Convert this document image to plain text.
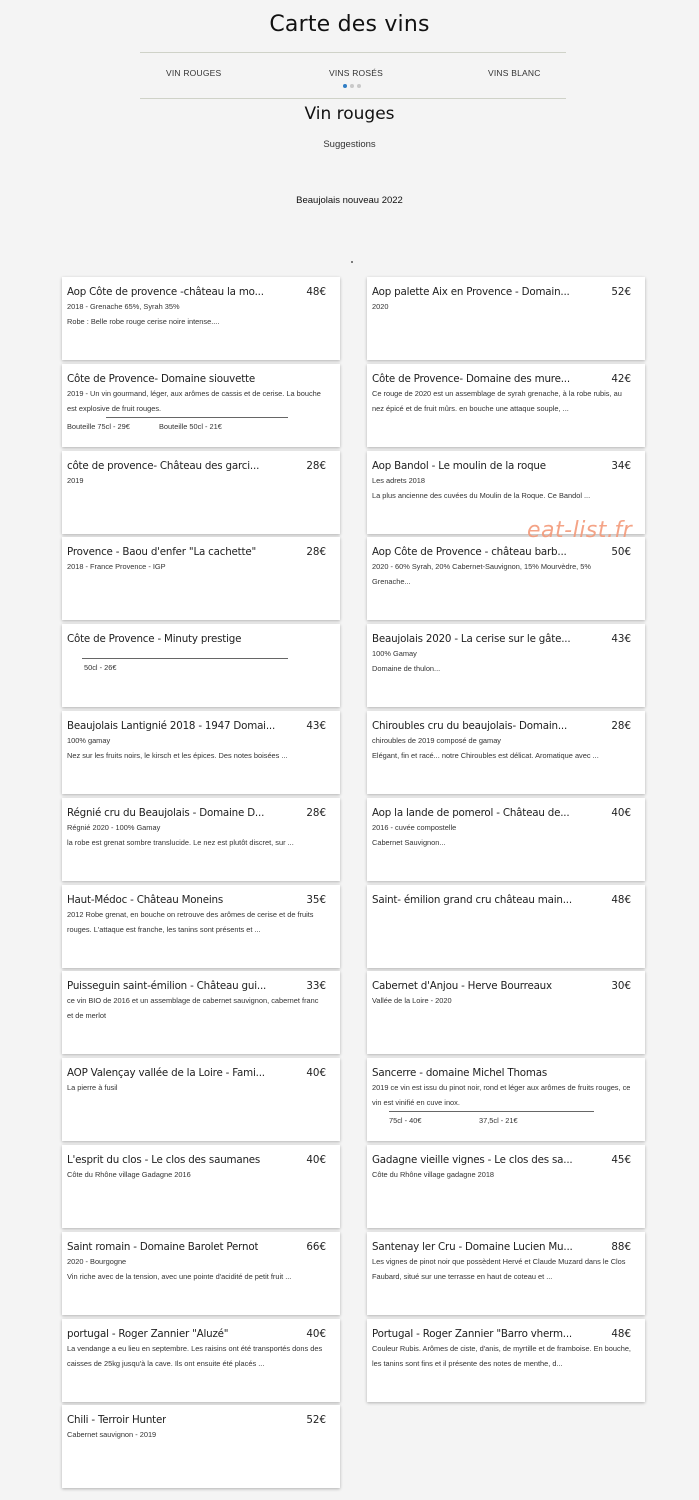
Carte des vins
VIN ROUGES	VINS ROSÉS	VINS BLANC
Vin rouges
Suggestions
Beaujolais nouveau 2022
Aop Côte de provence -château la mo...	48€
2018 - Grenache 65%, Syrah 35%
Robe : Belle robe rouge cerise noire intense....
Aop palette Aix en Provence - Domain...	52€
2020
Côte de Provence- Domaine siouvette
2019 - Un vin gourmand, léger, aux arômes de cassis et de cerise. La bouche est explosive de fruit rouges.
Bouteille 75cl - 29€	Bouteille 50cl - 21€
Côte de Provence- Domaine des mure...	42€
Ce rouge de 2020 est un assemblage de syrah grenache, à la robe rubis, au nez épicé et de fruit mûrs. en bouche une attaque souple, ...
côte de provence- Château des garci...	28€
2019
Aop Bandol - Le moulin de la roque	34€
Les adrets 2018
La plus ancienne des cuvées du Moulin de la Roque. Ce Bandol ...
Provence - Baou d'enfer "La cachette"	28€
2018 - France Provence - IGP
Aop Côte de Provence - château barb...	50€
2020 - 60% Syrah, 20% Cabernet-Sauvignon, 15% Mourvèdre, 5% Grenache...
Côte de Provence - Minuty prestige
50cl - 26€
Beaujolais 2020 - La cerise sur le gâte...	43€
100% Gamay
Domaine de thulon...
Beaujolais Lantignié 2018 - 1947 Domai...	43€
100% gamay
Nez sur les fruits noirs, le kirsch et les épices. Des notes boisées ...
Chiroubles cru du beaujolais- Domain...	28€
chiroubles de 2019 composé de gamay
Elégant, fin et racé... notre Chiroubles est délicat. Aromatique avec ...
Régnié cru du Beaujolais - Domaine D...	28€
Régnié 2020 - 100% Gamay
la robe est grenat sombre translucide. Le nez est plutôt discret, sur ...
Aop la lande de pomerol - Château de...	40€
2016 - cuvée compostelle
Cabernet Sauvignon...
Haut-Médoc - Château Moneins	35€
2012 Robe grenat, en bouche on retrouve des arômes de cerise et de fruits rouges. L'attaque est franche, les tanins sont présents et ...
Saint- émilion grand cru château main...	48€
Puisseguin saint-émilion - Château gui...	33€
ce vin BIO de 2016 et un assemblage de cabernet sauvignon, cabernet franc et de merlot
Cabernet d'Anjou - Herve Bourreaux	30€
Vallée de la Loire - 2020
AOP Valençay vallée de la Loire - Fami...	40€
La pierre à fusil
Sancerre - domaine Michel Thomas
2019 ce vin est issu du pinot noir, rond et léger aux arômes de fruits rouges, ce vin est vinifié en cuve inox.
75cl - 40€	37,5cl - 21€
L'esprit du clos - Le clos des saumanes	40€
Côte du Rhône village Gadagne 2016
Gadagne vieille vignes - Le clos des sa...	45€
Côte du Rhône village gadagne 2018
Saint romain - Domaine Barolet Pernot	66€
2020 - Bourgogne
Vin riche avec de la tension, avec une pointe d'acidité de petit fruit ...
Santenay ler Cru - Domaine Lucien Mu...	88€
Les vignes de pinot noir que possèdent Hervé et Claude Muzard dans le Clos Faubard, situé sur une terrasse en haut de coteau et ...
portugal - Roger Zannier "Aluzé"	40€
La vendange a eu lieu en septembre. Les raisins ont été transportés dons des caisses de 25kg jusqu'à la cave. Ils ont ensuite été placés ...
Portugal - Roger Zannier "Barro vherm...	48€
Couleur Rubis. Arômes de ciste, d'anis, de myrtille et de framboise. En bouche, les tanins sont fins et il présente des notes de menthe, d...
Chili - Terroir Hunter	52€
Cabernet sauvignon - 2019
eat-list.fr
